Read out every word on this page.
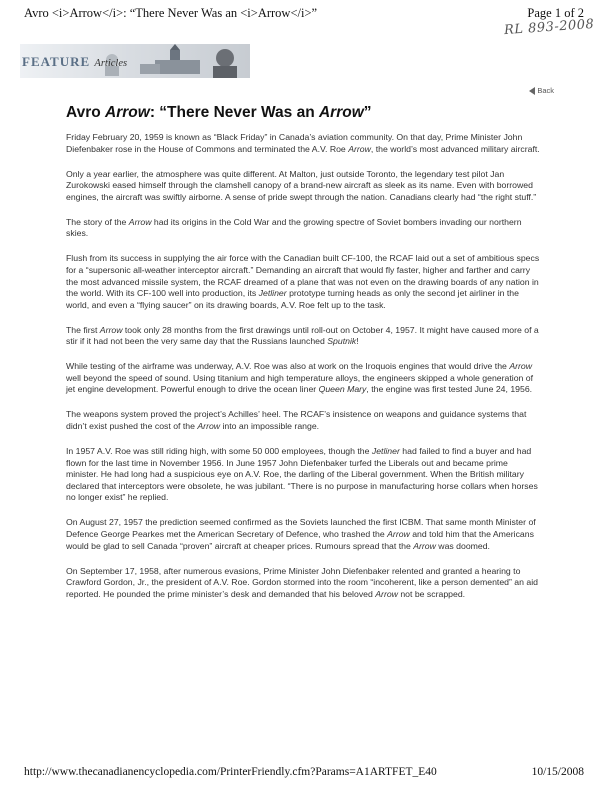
Avro <i>Arrow</i>: “There Never Was an <i>Arrow</i>”	Page 1 of 2
RL 893-2008
FEATURE Articles
Back
Avro Arrow: “There Never Was an Arrow”

Friday February 20, 1959 is known as “Black Friday” in Canada’s aviation community. On that day, Prime Minister John Diefenbaker rose in the House of Commons and terminated the A.V. Roe Arrow, the world’s most advanced military aircraft.

Only a year earlier, the atmosphere was quite different. At Malton, just outside Toronto, the legendary test pilot Jan Zurokowski eased himself through the clamshell canopy of a brand-new aircraft as sleek as its name. Even with borrowed engines, the aircraft was swiftly airborne. A sense of pride swept through the nation. Canadians clearly had “the right stuff.”

The story of the Arrow had its origins in the Cold War and the growing spectre of Soviet bombers invading our northern skies.

Flush from its success in supplying the air force with the Canadian built CF-100, the RCAF laid out a set of ambitious specs for a “supersonic all-weather interceptor aircraft.” Demanding an aircraft that would fly faster, higher and farther and carry the most advanced missile system, the RCAF dreamed of a plane that was not even on the drawing boards of any nation in the world. With its CF-100 well into production, its Jetliner prototype turning heads as only the second jet airliner in the world, and even a “flying saucer” on its drawing boards, A.V. Roe felt up to the task.

The first Arrow took only 28 months from the first drawings until roll-out on October 4, 1957. It might have caused more of a stir if it had not been the very same day that the Russians launched Sputnik!

While testing of the airframe was underway, A.V. Roe was also at work on the Iroquois engines that would drive the Arrow well beyond the speed of sound. Using titanium and high temperature alloys, the engineers skipped a whole generation of jet engine development. Powerful enough to drive the ocean liner Queen Mary, the engine was first tested June 24, 1956.

The weapons system proved the project’s Achilles’ heel. The RCAF’s insistence on weapons and guidance systems that didn’t exist pushed the cost of the Arrow into an impossible range.

In 1957 A.V. Roe was still riding high, with some 50 000 employees, though the Jetliner had failed to find a buyer and had flown for the last time in November 1956. In June 1957 John Diefenbaker turfed the Liberals out and became prime minister. He had long had a suspicious eye on A.V. Roe, the darling of the Liberal government. When the British military declared that interceptors were obsolete, he was jubilant. “There is no purpose in manufacturing horse collars when horses no longer exist” he replied.

On August 27, 1957 the prediction seemed confirmed as the Soviets launched the first ICBM. That same month Minister of Defence George Pearkes met the American Secretary of Defence, who trashed the Arrow and told him that the Americans would be glad to sell Canada “proven” aircraft at cheaper prices. Rumours spread that the Arrow was doomed.

On September 17, 1958, after numerous evasions, Prime Minister John Diefenbaker relented and granted a hearing to Crawford Gordon, Jr., the president of A.V. Roe. Gordon stormed into the room “incoherent, like a person demented” an aid reported. He pounded the prime minister’s desk and demanded that his beloved Arrow not be scrapped.

http://www.thecanadianencyclopedia.com/PrinterFriendly.cfm?Params=A1ARTFET_E40	10/15/2008
